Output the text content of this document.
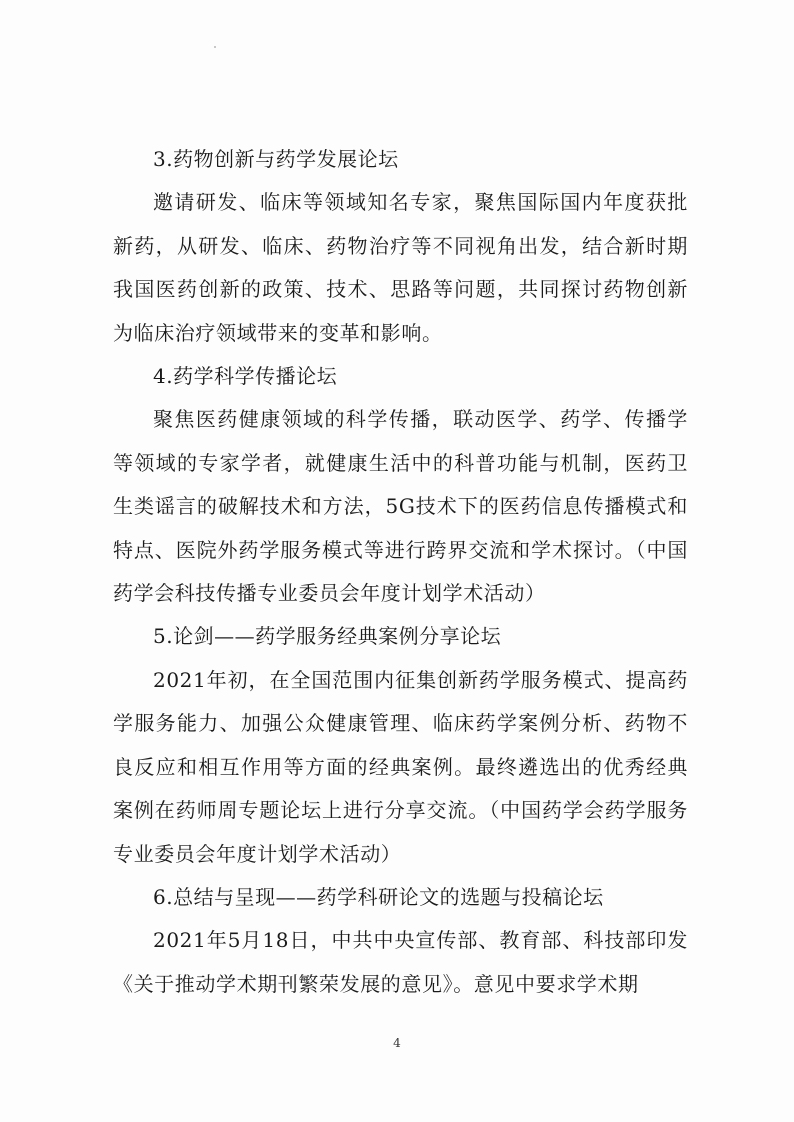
3.药物创新与药学发展论坛

邀请研发、临床等领域知名专家，聚焦国际国内年度获批新药，从研发、临床、药物治疗等不同视角出发，结合新时期我国医药创新的政策、技术、思路等问题，共同探讨药物创新为临床治疗领域带来的变革和影响。

4.药学科学传播论坛

聚焦医药健康领域的科学传播，联动医学、药学、传播学等领域的专家学者，就健康生活中的科普功能与机制，医药卫生类谣言的破解技术和方法，5G技术下的医药信息传播模式和特点、医院外药学服务模式等进行跨界交流和学术探讨。（中国药学会科技传播专业委员会年度计划学术活动）

5.论剑——药学服务经典案例分享论坛

2021年初，在全国范围内征集创新药学服务模式、提高药学服务能力、加强公众健康管理、临床药学案例分析、药物不良反应和相互作用等方面的经典案例。最终遴选出的优秀经典案例在药师周专题论坛上进行分享交流。（中国药学会药学服务专业委员会年度计划学术活动）

6.总结与呈现——药学科研论文的选题与投稿论坛

2021年5月18日，中共中央宣传部、教育部、科技部印发《关于推动学术期刊繁荣发展的意见》。意见中要求学术期

4
